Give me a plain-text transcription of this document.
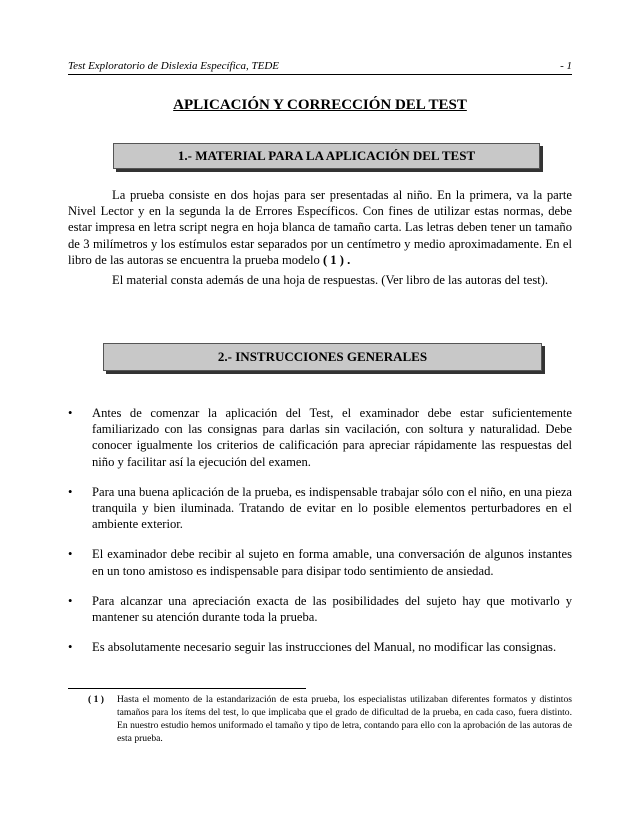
Test Exploratorio de Dislexia Específica, TEDE	- 1
APLICACIÓN Y CORRECCIÓN DEL TEST
1.- MATERIAL PARA LA APLICACIÓN DEL TEST
La prueba consiste en dos hojas para ser presentadas al niño. En la primera, va la parte Nivel Lector y en la segunda la de Errores Específicos. Con fines de utilizar estas normas, debe estar impresa en letra script negra en hoja blanca de tamaño carta. Las letras deben tener un tamaño de 3 milímetros y los estímulos estar separados por un centímetro y medio aproximadamente. En el libro de las autoras se encuentra la prueba modelo ( 1 ) .
El material consta además de una hoja de respuestas. (Ver libro de las autoras del test).
2.- INSTRUCCIONES GENERALES
• Antes de comenzar la aplicación del Test, el examinador debe estar suficientemente familiarizado con las consignas para darlas sin vacilación, con soltura y naturalidad. Debe conocer igualmente los criterios de calificación para apreciar rápidamente las respuestas del niño y facilitar así la ejecución del examen.
• Para una buena aplicación de la prueba, es indispensable trabajar sólo con el niño, en una pieza tranquila y bien iluminada. Tratando de evitar en lo posible elementos perturbadores en el ambiente exterior.
• El examinador debe recibir al sujeto en forma amable, una conversación de algunos instantes en un tono amistoso es indispensable para disipar todo sentimiento de ansiedad.
• Para alcanzar una apreciación exacta de las posibilidades del sujeto hay que motivarlo y mantener su atención durante toda la prueba.
• Es absolutamente necesario seguir las instrucciones del Manual, no modificar las consignas.
( 1 ) Hasta el momento de la estandarización de esta prueba, los especialistas utilizaban diferentes formatos y distintos tamaños para los ítems del test, lo que implicaba que el grado de dificultad de la prueba, en cada caso, fuera distinto. En nuestro estudio hemos uniformado el tamaño y tipo de letra, contando para ello con la aprobación de las autoras de esta prueba.
